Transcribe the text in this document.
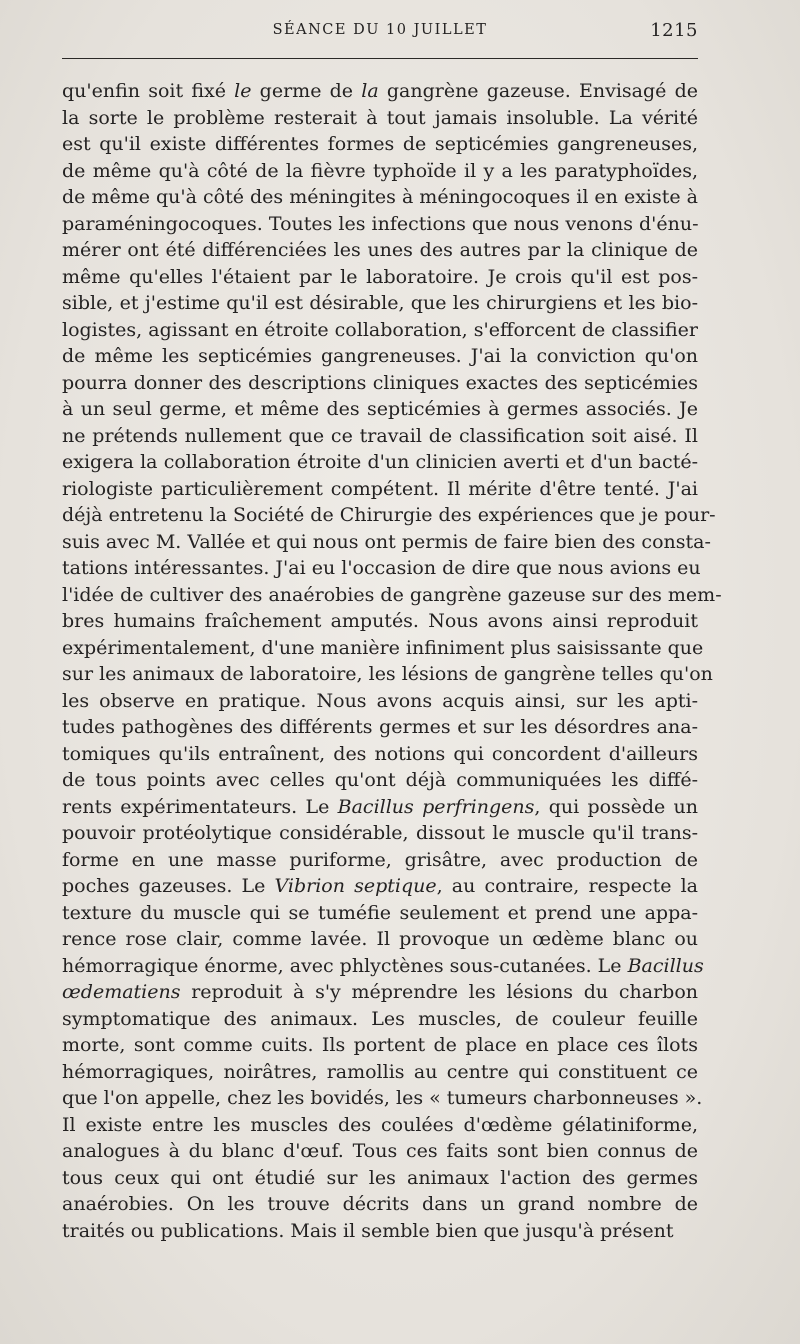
SÉANCE DU 10 JUILLET	1215
qu'enfin soit fixé le germe de la gangrène gazeuse. Envisagé de
la sorte le problème resterait à tout jamais insoluble. La vérité
est qu'il existe différentes formes de septicémies gangreneuses,
de même qu'à côté de la fièvre typhoïde il y a les paratyphoïdes,
de même qu'à côté des méningites à méningocoques il en existe à
paraméningocoques. Toutes les infections que nous venons d'énu-
mérer ont été différenciées les unes des autres par la clinique de
même qu'elles l'étaient par le laboratoire. Je crois qu'il est pos-
sible, et j'estime qu'il est désirable, que les chirurgiens et les bio-
logistes, agissant en étroite collaboration, s'efforcent de classifier
de même les septicémies gangreneuses. J'ai la conviction qu'on
pourra donner des descriptions cliniques exactes des septicémies
à un seul germe, et même des septicémies à germes associés. Je
ne prétends nullement que ce travail de classification soit aisé. Il
exigera la collaboration étroite d'un clinicien averti et d'un bacté-
riologiste particulièrement compétent. Il mérite d'être tenté. J'ai
déjà entretenu la Société de Chirurgie des expériences que je pour-
suis avec M. Vallée et qui nous ont permis de faire bien des consta-
tations intéressantes. J'ai eu l'occasion de dire que nous avions eu
l'idée de cultiver des anaérobies de gangrène gazeuse sur des mem-
bres humains fraîchement amputés. Nous avons ainsi reproduit
expérimentalement, d'une manière infiniment plus saisissante que
sur les animaux de laboratoire, les lésions de gangrène telles qu'on
les observe en pratique. Nous avons acquis ainsi, sur les apti-
tudes pathogènes des différents germes et sur les désordres ana-
tomiques qu'ils entraînent, des notions qui concordent d'ailleurs
de tous points avec celles qu'ont déjà communiquées les diffé-
rents expérimentateurs. Le Bacillus perfringens, qui possède un
pouvoir protéolytique considérable, dissout le muscle qu'il trans-
forme en une masse puriforme, grisâtre, avec production de
poches gazeuses. Le Vibrion septique, au contraire, respecte la
texture du muscle qui se tuméfie seulement et prend une appa-
rence rose clair, comme lavée. Il provoque un œdème blanc ou
hémorragique énorme, avec phlyctènes sous-cutanées. Le Bacillus
œdematiens reproduit à s'y méprendre les lésions du charbon
symptomatique des animaux. Les muscles, de couleur feuille
morte, sont comme cuits. Ils portent de place en place ces îlots
hémorragiques, noirâtres, ramollis au centre qui constituent ce
que l'on appelle, chez les bovidés, les « tumeurs charbonneuses ».
Il existe entre les muscles des coulées d'œdème gélatiniforme,
analogues à du blanc d'œuf. Tous ces faits sont bien connus de
tous ceux qui ont étudié sur les animaux l'action des germes
anaérobies. On les trouve décrits dans un grand nombre de
traités ou publications. Mais il semble bien que jusqu'à présent
